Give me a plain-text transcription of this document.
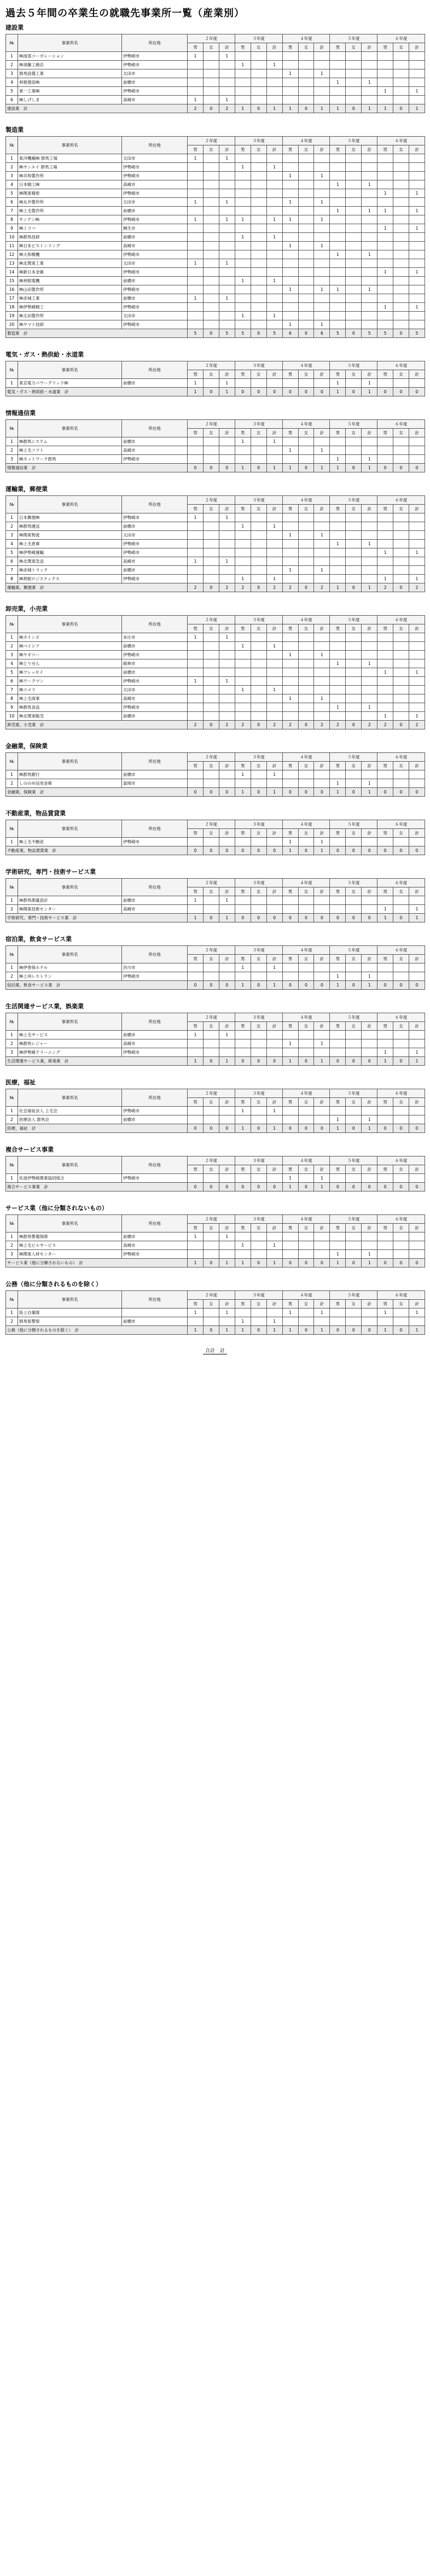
過去５年間の卒業生の就職先事業所一覧（産業別）
建設業
№	事業所名	所在地	２年度			３年度			４年度			５年度			６年度		
			男	女	計	男	女	計	男	女	計	男	女	計	男	女	計
1	㈱南部コーポレーション	伊勢崎市	1		1												
2	㈱須藤工務店	伊勢崎市				1		1									
3	群馬設備工業	太田市							1		1						
4	利根建設㈱	前橋市										1		1			
5	東一工業㈱	伊勢崎市													1		1
6	㈱しげしま	高崎市	1		1												
建設業　計			2	0	2	1	0	1	1	0	1	1	0	1	1	0	1
製造業
№	事業所名	所在地	２年度			３年度			４年度			５年度			６年度		
			男	女	計	男	女	計	男	女	計	男	女	計	男	女	計
1	東洋機械㈱ 群馬工場	太田市	1		1												
2	㈱サンエイ 群馬工場	伊勢崎市				1		1									
3	㈱共和製作所	伊勢崎市							1		1						
4	日本精工㈱	高崎市										1		1			
5	㈱関東精密	伊勢崎市													1		1
6	㈱丸井製作所	太田市	1		1				1		1						
7	㈱上毛製作所	前橋市										1		1	1		1
8	サンデン㈱	伊勢崎市	1		1	1		1	1		1						
9	㈱ミツバ	桐生市													1		1
10	㈱群馬技研	前橋市				1		1									
11	㈱日本ピストンリング	高崎市							1		1						
12	㈱大和精機	伊勢崎市										1		1			
13	㈱北関東工業	太田市	1		1												
14	㈱新日本金属	伊勢崎市													1		1
15	㈱利根電機	前橋市				1		1									
16	㈱山田製作所	伊勢崎市							1		1	1		1			
17	㈱赤城工業	前橋市	1		1												
18	㈱伊勢崎精工	伊勢崎市													1		1
19	㈱太田製作所	太田市				1		1									
20	㈱ヤマト技研	伊勢崎市							1		1						
製造業　計			5	0	5	5	0	5	6	0	6	5	0	5	5	0	5
電気・ガス・熱供給・水道業
№	事業所名	所在地	２年度			３年度			４年度			５年度			６年度		
			男	女	計	男	女	計	男	女	計	男	女	計	男	女	計
1	東京電力パワーグリッド㈱	前橋市	1		1							1		1			
電気・ガス・熱供給・水道業　計			1	0	1	0	0	0	0	0	0	1	0	1	0	0	0
情報通信業
№	事業所名	所在地	２年度			３年度			４年度			５年度			６年度		
			男	女	計	男	女	計	男	女	計	男	女	計	男	女	計
1	㈱群馬システム	前橋市				1		1									
2	㈱上毛ソフト	高崎市							1		1						
3	㈱ネットワーク群馬	伊勢崎市										1		1			
情報通信業　計			0	0	0	1	0	1	1	0	1	1	0	1	0	0	0
運輸業，郵便業
№	事業所名	所在地	２年度			３年度			４年度			５年度			６年度		
			男	女	計	男	女	計	男	女	計	男	女	計	男	女	計
1	日本郵便㈱	伊勢崎市	1		1												
2	㈱群馬運送	前橋市				1		1									
3	㈱関東物流	太田市							1		1						
4	㈱上毛倉庫	伊勢崎市										1		1			
5	㈱伊勢崎運輸	伊勢崎市													1		1
6	㈱北関東急送	高崎市	1		1												
7	㈱赤城トラック	前橋市							1		1						
8	㈱利根ロジスティクス	伊勢崎市				1		1							1		1
運輸業，郵便業　計			2	0	2	2	0	2	2	0	2	1	0	1	2	0	2
卸売業，小売業
№	事業所名	所在地	２年度			３年度			４年度			５年度			６年度		
			男	女	計	男	女	計	男	女	計	男	女	計	男	女	計
1	㈱カインズ	本庄市	1		1												
2	㈱ベイシア	前橋市				1		1									
3	㈱ヤオコー	伊勢崎市							1		1						
4	㈱とりせん	館林市										1		1			
5	㈱フレッセイ	前橋市													1		1
6	㈱ワークマン	伊勢崎市	1		1												
7	㈱コメリ	太田市				1		1									
8	㈱上毛商事	高崎市							1		1						
9	㈱群馬食品	伊勢崎市										1		1			
10	㈱北関東販売	前橋市													1		1
卸売業，小売業　計			2	0	2	2	0	2	2	0	2	2	0	2	2	0	2
金融業，保険業
№	事業所名	所在地	２年度			３年度			４年度			５年度			６年度		
			男	女	計	男	女	計	男	女	計	男	女	計	男	女	計
1	㈱群馬銀行	前橋市				1		1									
2	しののめ信用金庫	富岡市										1		1			
金融業，保険業　計			0	0	0	1	0	1	0	0	0	1	0	1	0	0	0
不動産業，物品賃貸業
№	事業所名	所在地	２年度			３年度			４年度			５年度			６年度		
			男	女	計	男	女	計	男	女	計	男	女	計	男	女	計
1	㈱上毛不動産	伊勢崎市							1		1						
不動産業，物品賃貸業　計			0	0	0	0	0	0	1	0	1	0	0	0	0	0	0
学術研究，専門・技術サービス業
№	事業所名	所在地	２年度			３年度			４年度			５年度			６年度		
			男	女	計	男	女	計	男	女	計	男	女	計	男	女	計
1	㈱群馬測量設計	前橋市	1		1												
2	㈱関東技術センター	高崎市													1		1
学術研究，専門・技術サービス業　計			1	0	1	0	0	0	0	0	0	0	0	0	1	0	1
宿泊業，飲食サービス業
№	事業所名	所在地	２年度			３年度			４年度			５年度			６年度		
			男	女	計	男	女	計	男	女	計	男	女	計	男	女	計
1	㈱伊香保ホテル	渋川市				1		1									
2	㈱上州レストラン	伊勢崎市										1		1			
宿泊業，飲食サービス業　計			0	0	0	1	0	1	0	0	0	1	0	1	0	0	0
生活関連サービス業，娯楽業
№	事業所名	所在地	２年度			３年度			４年度			５年度			６年度		
			男	女	計	男	女	計	男	女	計	男	女	計	男	女	計
1	㈱上毛サービス	前橋市	1		1												
2	㈱群馬レジャー	高崎市							1		1						
3	㈱伊勢崎クリーニング	伊勢崎市													1		1
生活関連サービス業，娯楽業　計			1	0	1	0	0	0	1	0	1	0	0	0	1	0	1
医療，福祉
№	事業所名	所在地	２年度			３年度			４年度			５年度			６年度		
			男	女	計	男	女	計	男	女	計	男	女	計	男	女	計
1	社会福祉法人 上毛会	伊勢崎市				1		1									
2	医療法人 群馬会	前橋市										1		1			
医療，福祉　計			0	0	0	1	0	1	0	0	0	1	0	1	0	0	0
複合サービス事業
№	事業所名	所在地	２年度			３年度			４年度			５年度			６年度		
			男	女	計	男	女	計	男	女	計	男	女	計	男	女	計
1	佐波伊勢崎農業協同組合	伊勢崎市							1		1						
複合サービス事業　計			0	0	0	0	0	0	1	0	1	0	0	0	0	0	0
サービス業（他に分類されないもの）
№	事業所名	所在地	２年度			３年度			４年度			５年度			６年度		
			男	女	計	男	女	計	男	女	計	男	女	計	男	女	計
1	㈱群馬警備保障	前橋市	1		1												
2	㈱上毛ビルサービス	高崎市				1		1									
3	㈱関東人材センター	伊勢崎市										1		1			
サービス業（他に分類されないもの）　計			1	0	1	1	0	1	0	0	0	1	0	1	0	0	0
公務（他に分類されるものを除く）
№	事業所名	所在地	２年度			３年度			４年度			５年度			６年度		
			男	女	計	男	女	計	男	女	計	男	女	計	男	女	計
1	陸上自衛隊		1		1				1		1				1		1
2	群馬県警察	前橋市				1		1									
公務（他に分類されるものを除く）　計			1	0	1	1	0	1	1	0	1	0	0	0	1	0	1
合計　計
